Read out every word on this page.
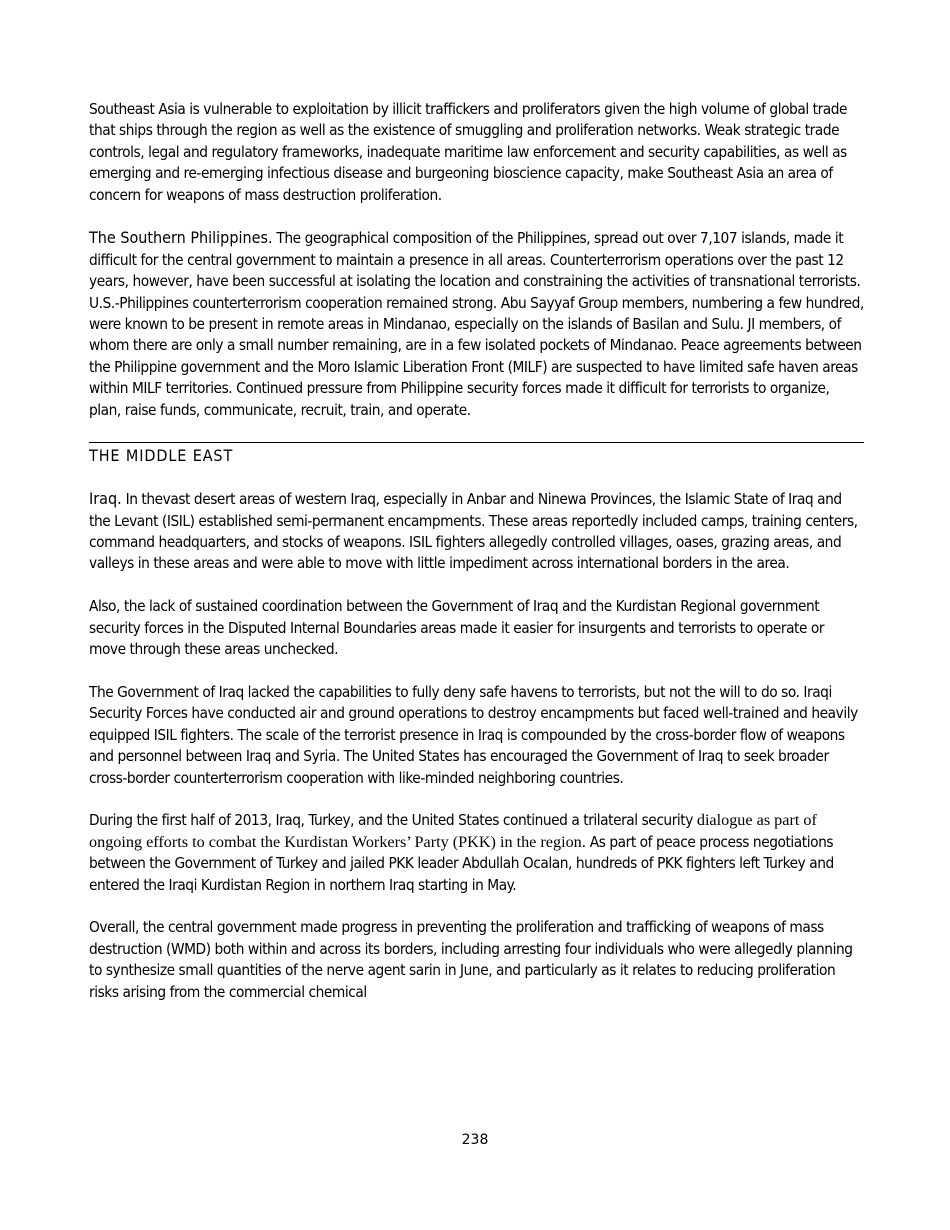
Southeast Asia is vulnerable to exploitation by illicit traffickers and proliferators given the high volume of global trade that ships through the region as well as the existence of smuggling and proliferation networks. Weak strategic trade controls, legal and regulatory frameworks, inadequate maritime law enforcement and security capabilities, as well as emerging and re-emerging infectious disease and burgeoning bioscience capacity, make Southeast Asia an area of concern for weapons of mass destruction proliferation.

The Southern Philippines. The geographical composition of the Philippines, spread out over 7,107 islands, made it difficult for the central government to maintain a presence in all areas. Counterterrorism operations over the past 12 years, however, have been successful at isolating the location and constraining the activities of transnational terrorists. U.S.-Philippines counterterrorism cooperation remained strong. Abu Sayyaf Group members, numbering a few hundred, were known to be present in remote areas in Mindanao, especially on the islands of Basilan and Sulu. JI members, of whom there are only a small number remaining, are in a few isolated pockets of Mindanao. Peace agreements between the Philippine government and the Moro Islamic Liberation Front (MILF) are suspected to have limited safe haven areas within MILF territories. Continued pressure from Philippine security forces made it difficult for terrorists to organize, plan, raise funds, communicate, recruit, train, and operate.

THE MIDDLE EAST

Iraq. In thevast desert areas of western Iraq, especially in Anbar and Ninewa Provinces, the Islamic State of Iraq and the Levant (ISIL) established semi-permanent encampments. These areas reportedly included camps, training centers, command headquarters, and stocks of weapons. ISIL fighters allegedly controlled villages, oases, grazing areas, and valleys in these areas and were able to move with little impediment across international borders in the area.

Also, the lack of sustained coordination between the Government of Iraq and the Kurdistan Regional government security forces in the Disputed Internal Boundaries areas made it easier for insurgents and terrorists to operate or move through these areas unchecked.

The Government of Iraq lacked the capabilities to fully deny safe havens to terrorists, but not the will to do so. Iraqi Security Forces have conducted air and ground operations to destroy encampments but faced well-trained and heavily equipped ISIL fighters. The scale of the terrorist presence in Iraq is compounded by the cross-border flow of weapons and personnel between Iraq and Syria. The United States has encouraged the Government of Iraq to seek broader cross-border counterterrorism cooperation with like-minded neighboring countries.

During the first half of 2013, Iraq, Turkey, and the United States continued a trilateral security dialogue as part of ongoing efforts to combat the Kurdistan Workers’ Party (PKK) in the region. As part of peace process negotiations between the Government of Turkey and jailed PKK leader Abdullah Ocalan, hundreds of PKK fighters left Turkey and entered the Iraqi Kurdistan Region in northern Iraq starting in May.

Overall, the central government made progress in preventing the proliferation and trafficking of weapons of mass destruction (WMD) both within and across its borders, including arresting four individuals who were allegedly planning to synthesize small quantities of the nerve agent sarin in June, and particularly as it relates to reducing proliferation risks arising from the commercial chemical

238
